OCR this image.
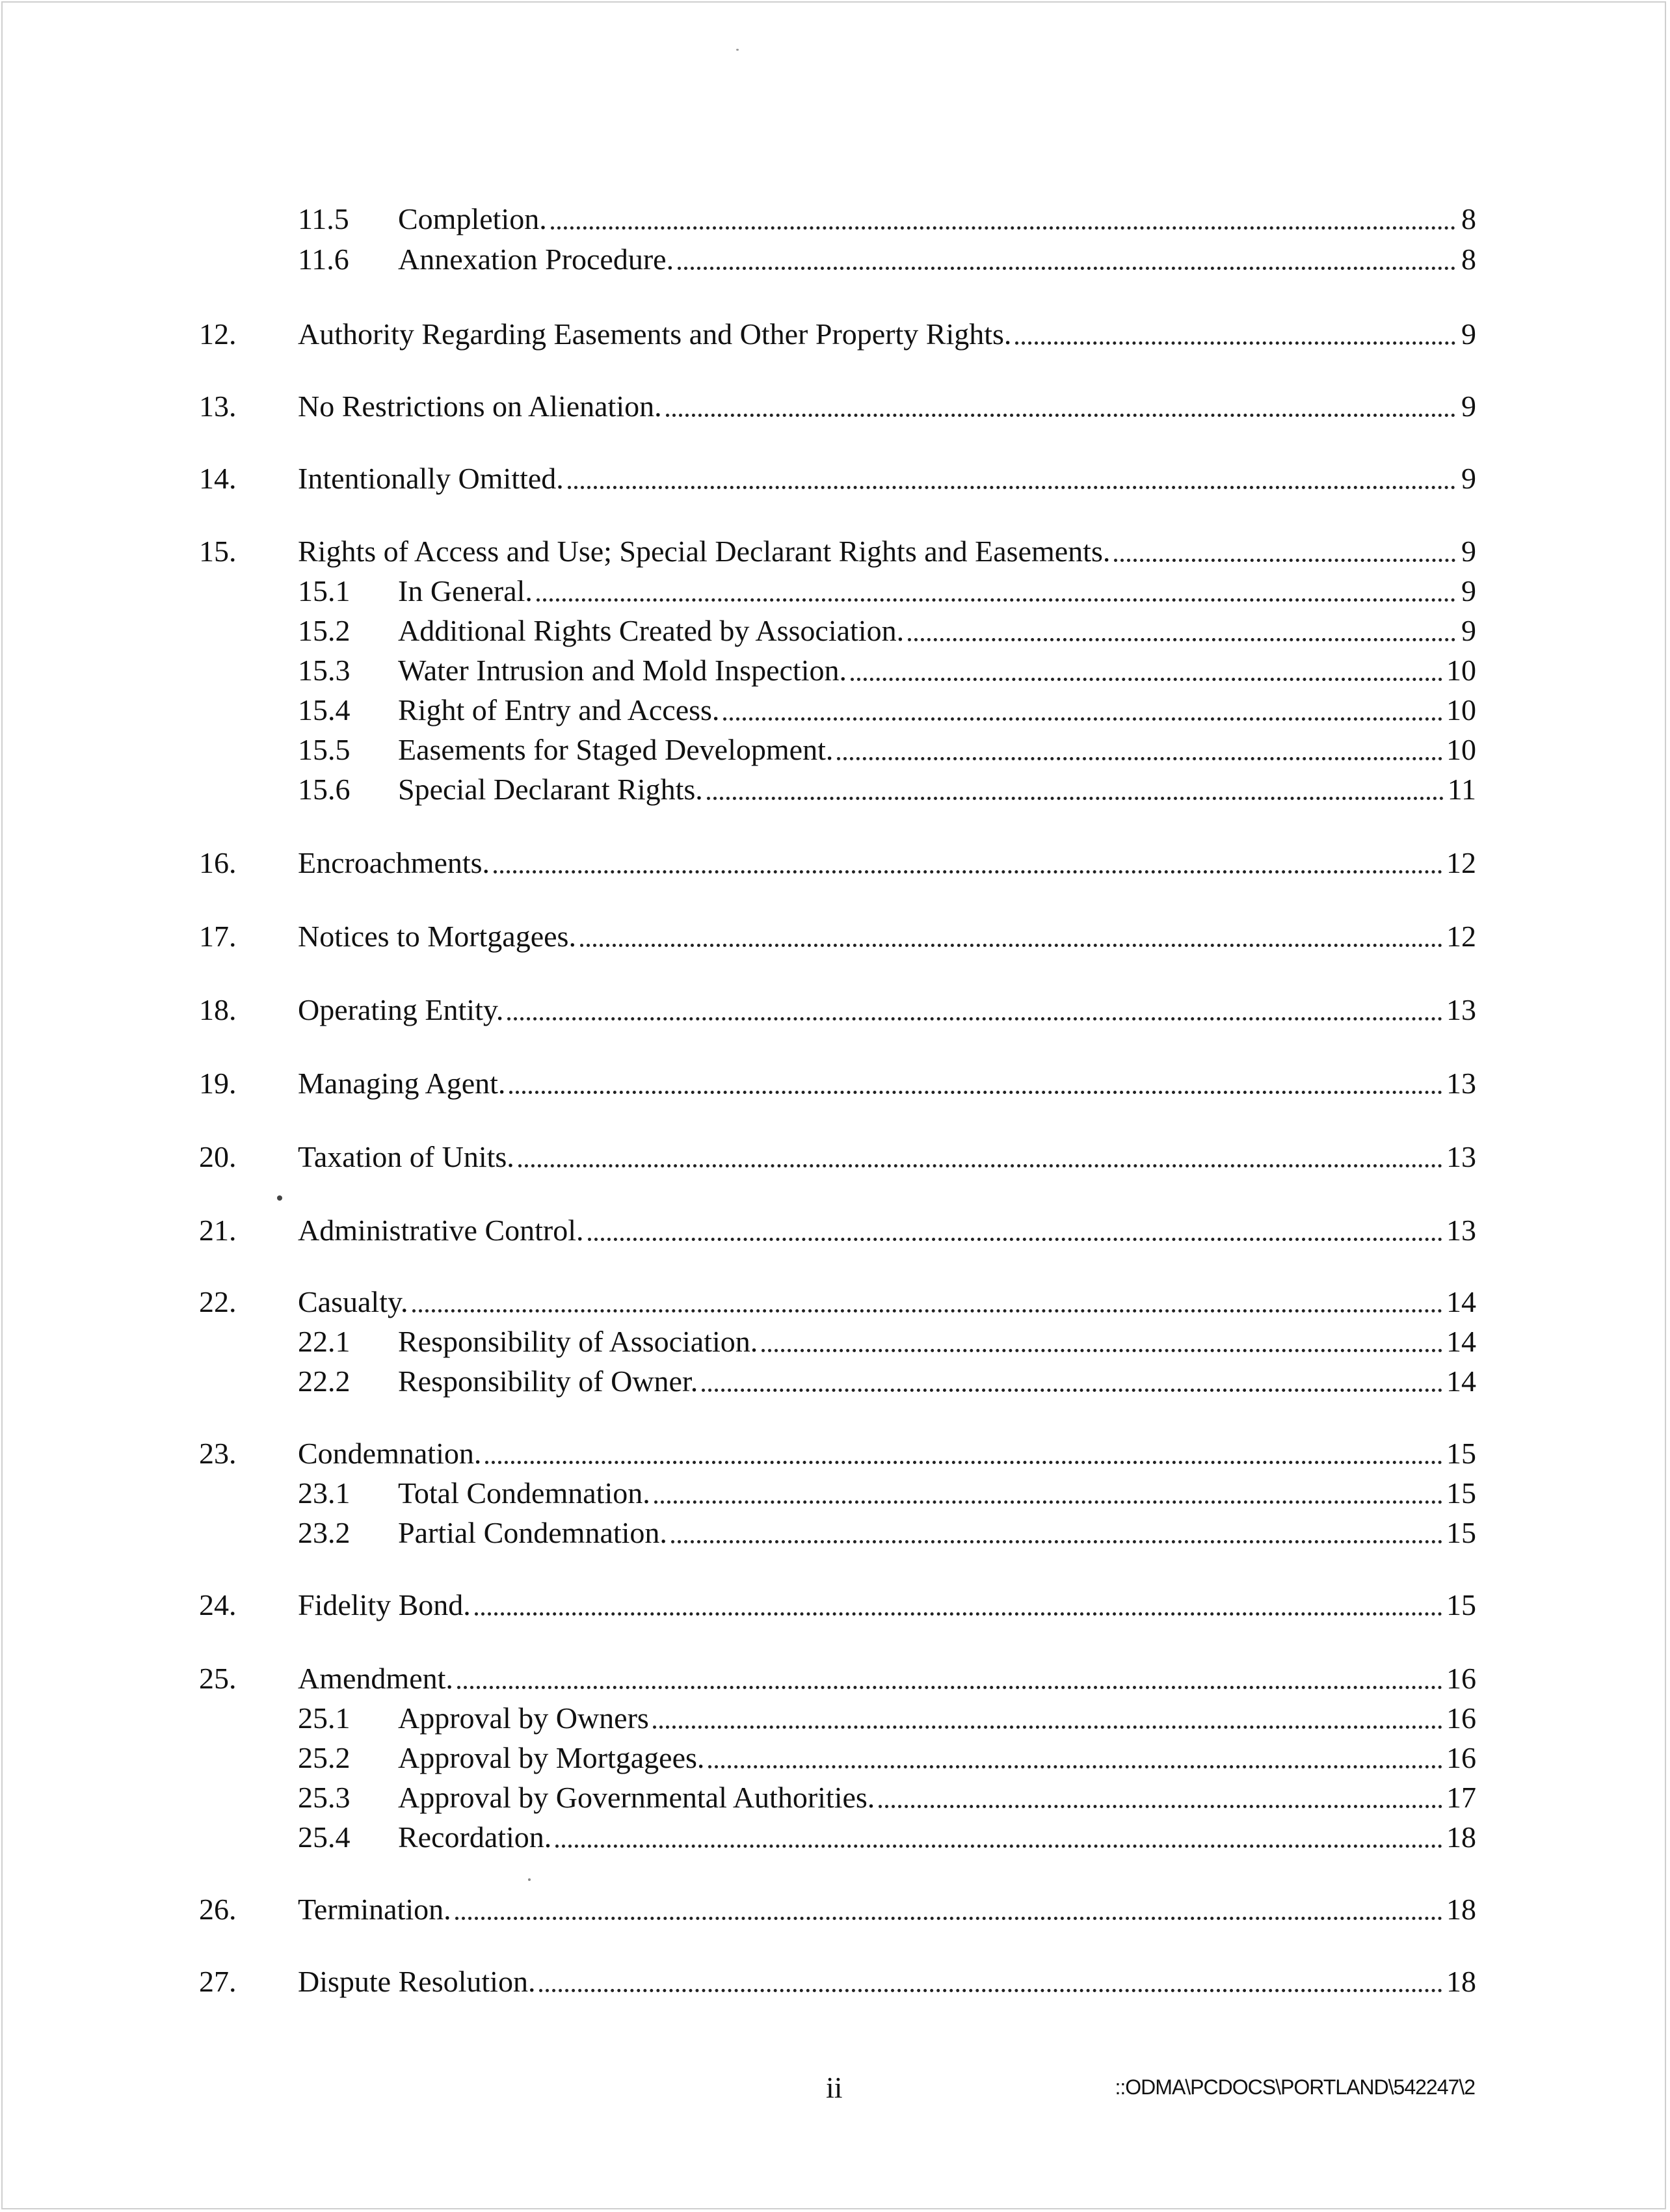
11.5	Completion.	8
11.6	Annexation Procedure.	8
12.	Authority Regarding Easements and Other Property Rights.	9
13.	No Restrictions on Alienation.	9
14.	Intentionally Omitted.	9
15.	Rights of Access and Use; Special Declarant Rights and Easements.	9
15.1	In General.	9
15.2	Additional Rights Created by Association.	9
15.3	Water Intrusion and Mold Inspection.	10
15.4	Right of Entry and Access.	10
15.5	Easements for Staged Development.	10
15.6	Special Declarant Rights.	11
16.	Encroachments.	12
17.	Notices to Mortgagees.	12
18.	Operating Entity.	13
19.	Managing Agent.	13
20.	Taxation of Units.	13
21.	Administrative Control.	13
22.	Casualty.	14
22.1	Responsibility of Association.	14
22.2	Responsibility of Owner.	14
23.	Condemnation.	15
23.1	Total Condemnation.	15
23.2	Partial Condemnation.	15
24.	Fidelity Bond.	15
25.	Amendment.	16
25.1	Approval by Owners	16
25.2	Approval by Mortgagees.	16
25.3	Approval by Governmental Authorities.	17
25.4	Recordation.	18
26.	Termination.	18
27.	Dispute Resolution.	18
ii	::ODMA\PCDOCS\PORTLAND\542247\2
